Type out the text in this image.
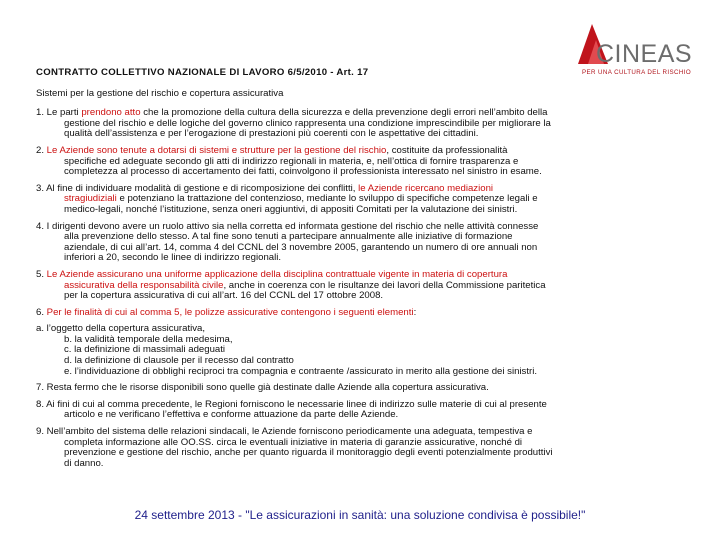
CINEAS
PER UNA CULTURA DEL RISCHIO
CONTRATTO COLLETTIVO NAZIONALE DI LAVORO 6/5/2010 - Art. 17
Sistemi per la gestione del rischio e copertura assicurativa
1. Le parti prendono atto che la promozione della cultura della sicurezza e della prevenzione degli errori nell’ambito della
gestione del rischio e delle logiche del governo clinico rappresenta una condizione imprescindibile per migliorare la
qualità dell’assistenza e per l’erogazione di prestazioni più coerenti con le aspettative dei cittadini.
2. Le Aziende sono tenute a dotarsi di sistemi e strutture per la gestione del rischio, costituite da professionalità
specifiche ed adeguate secondo gli atti di indirizzo regionali in materia, e, nell’ottica di fornire trasparenza e
completezza al processo di accertamento dei fatti, coinvolgono il professionista interessato nel sinistro in esame.
3. Al fine di individuare modalità di gestione e di ricomposizione dei conflitti, le Aziende ricercano mediazioni
stragiudiziali e potenziano la trattazione del contenzioso, mediante lo sviluppo di specifiche competenze legali e
medico-legali, nonché l’istituzione, senza oneri aggiuntivi, di appositi Comitati per la valutazione dei sinistri.
4. I dirigenti devono avere un ruolo attivo sia nella corretta ed informata gestione del rischio che nelle attività connesse
alla prevenzione dello stesso. A tal fine sono tenuti a partecipare annualmente alle iniziative di formazione
aziendale, di cui all’art. 14, comma 4 del CCNL del 3 novembre 2005, garantendo un numero di ore annuali non
inferiori a 20, secondo le linee di indirizzo regionali.
5. Le Aziende assicurano una uniforme applicazione della disciplina contrattuale vigente in materia di copertura
assicurativa della responsabilità civile, anche in coerenza con le risultanze dei lavori della Commissione paritetica
per la copertura assicurativa di cui all’art. 16 del CCNL del 17 ottobre 2008.
6. Per le finalità di cui al comma 5, le polizze assicurative contengono i seguenti elementi:
a. l’oggetto della copertura assicurativa,
b. la validità temporale della medesima,
c. la definizione di massimali adeguati
d. la definizione di clausole per il recesso dal contratto
e. l’individuazione di obblighi reciproci tra compagnia e contraente /assicurato in merito alla gestione dei sinistri.
7. Resta fermo che le risorse disponibili sono quelle già destinate dalle Aziende alla copertura assicurativa.
8. Ai fini di cui al comma precedente, le Regioni forniscono le necessarie linee di indirizzo sulle materie di cui al presente
articolo e ne verificano l’effettiva e conforme attuazione da parte delle Aziende.
9. Nell’ambito del sistema delle relazioni sindacali, le Aziende forniscono periodicamente una adeguata, tempestiva e
completa informazione alle OO.SS. circa le eventuali iniziative in materia di garanzie assicurative, nonché di
prevenzione e gestione del rischio, anche per quanto riguarda il monitoraggio degli eventi potenzialmente produttivi
di danno.
24 settembre 2013 - "Le assicurazioni in sanità: una soluzione condivisa è possibile!"
